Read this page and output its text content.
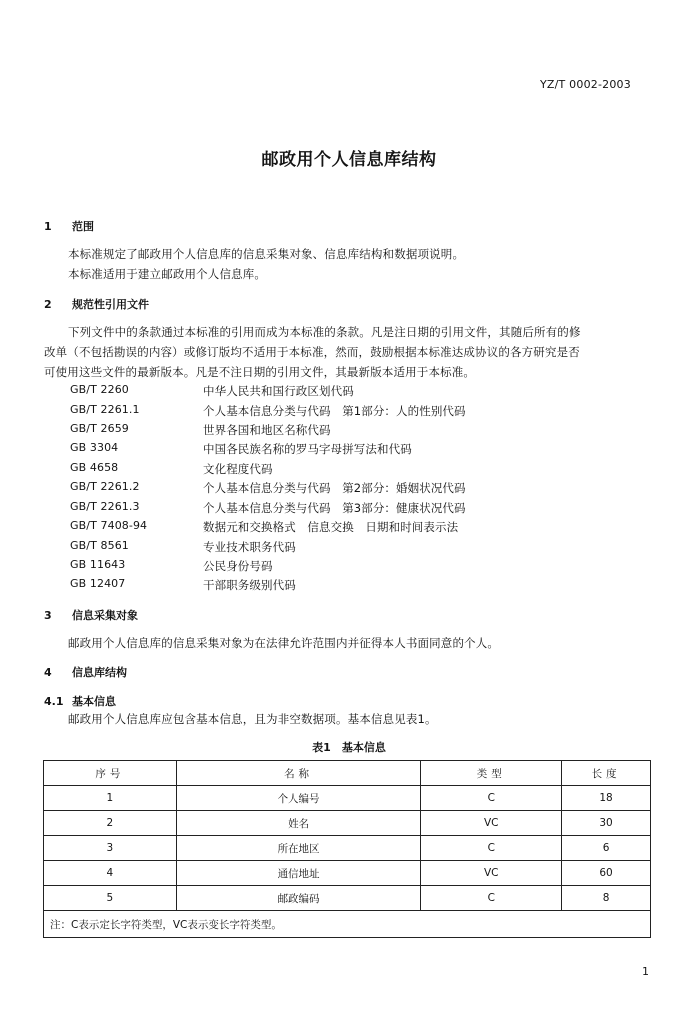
YZ/T 0002-2003
邮政用个人信息库结构
1 范围
本标准规定了邮政用个人信息库的信息采集对象、信息库结构和数据项说明。
本标准适用于建立邮政用个人信息库。
2 规范性引用文件
下列文件中的条款通过本标准的引用而成为本标准的条款。凡是注日期的引用文件，其随后所有的修
改单（不包括勘误的内容）或修订版均不适用于本标准，然而，鼓励根据本标准达成协议的各方研究是否
可使用这些文件的最新版本。凡是不注日期的引用文件，其最新版本适用于本标准。
GB/T 2260	中华人民共和国行政区划代码
GB/T 2261.1	个人基本信息分类与代码　第1部分：人的性别代码
GB/T 2659	世界各国和地区名称代码
GB 3304	中国各民族名称的罗马字母拼写法和代码
GB 4658	文化程度代码
GB/T 2261.2	个人基本信息分类与代码　第2部分：婚姻状况代码
GB/T 2261.3	个人基本信息分类与代码　第3部分：健康状况代码
GB/T 7408-94	数据元和交换格式　信息交换　日期和时间表示法
GB/T 8561	专业技术职务代码
GB 11643	公民身份号码
GB 12407	干部职务级别代码
3 信息采集对象
邮政用个人信息库的信息采集对象为在法律允许范围内并征得本人书面同意的个人。
4 信息库结构
4.1 基本信息
邮政用个人信息库应包含基本信息，且为非空数据项。基本信息见表1。
表1　基本信息
序号	名称	类型	长度
1	个人编号	C	18
2	姓名	VC	30
3	所在地区	C	6
4	通信地址	VC	60
5	邮政编码	C	8
注：C表示定长字符类型，VC表示变长字符类型。			
1
